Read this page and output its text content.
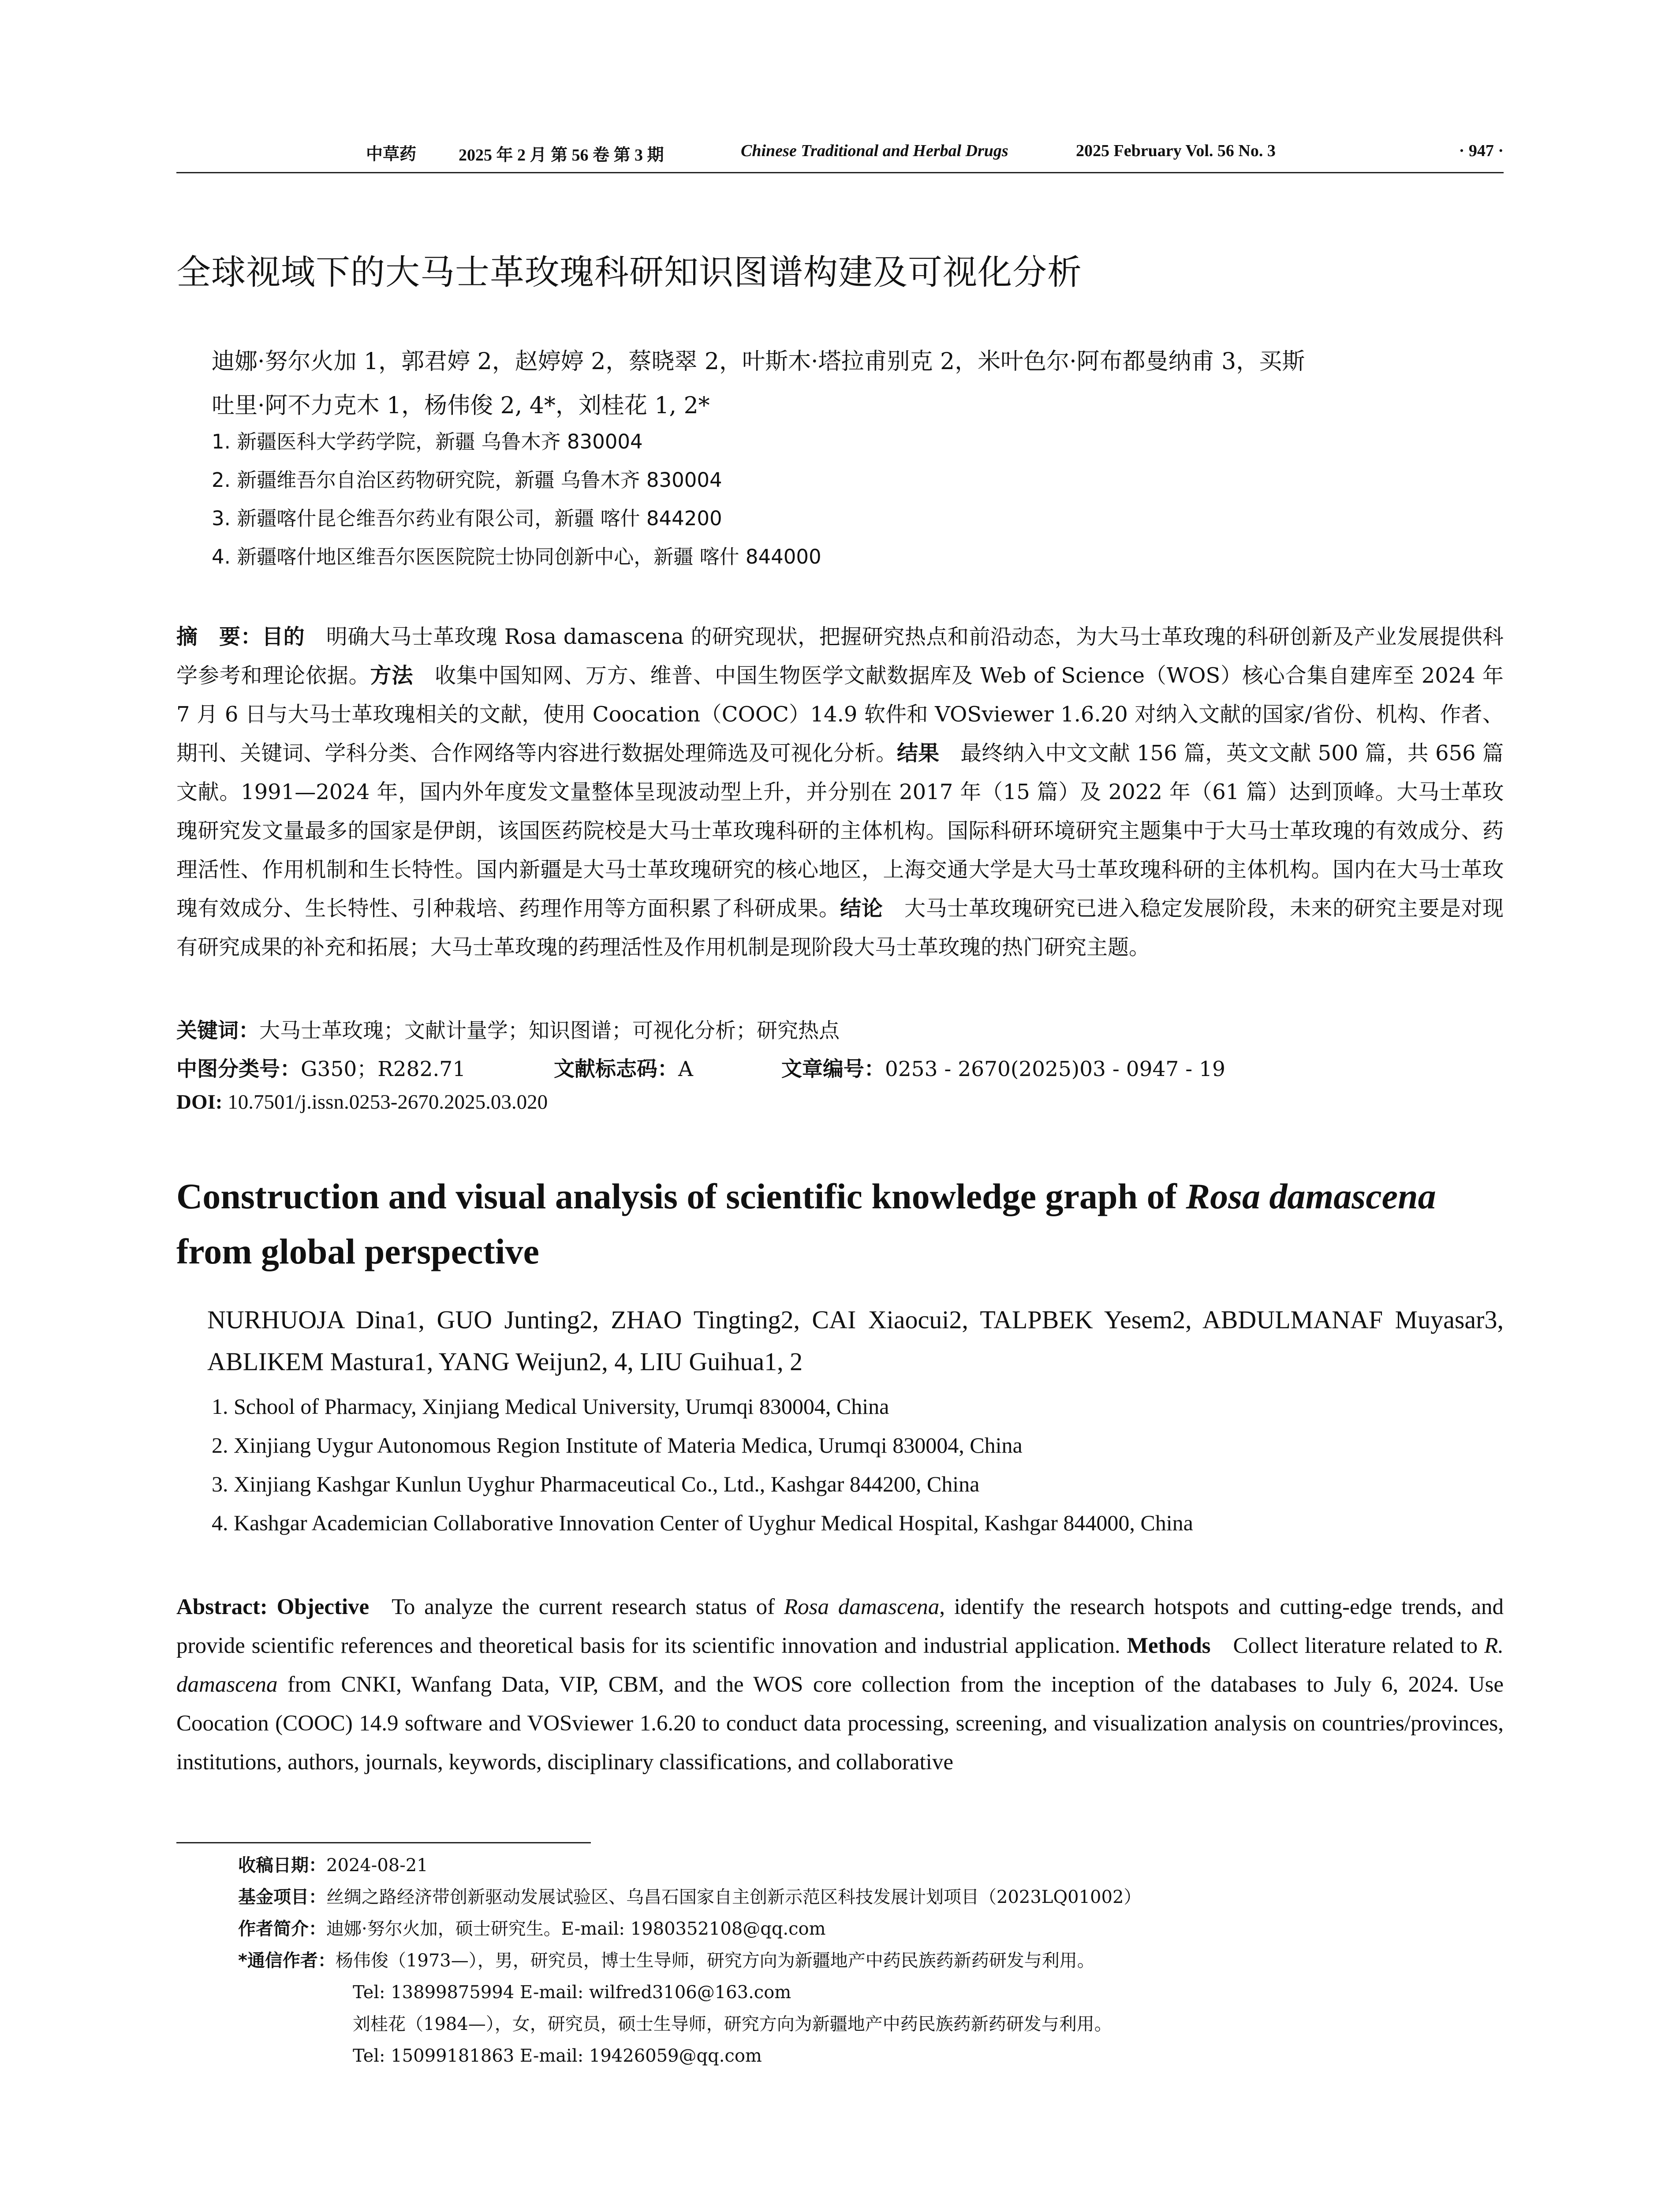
中草药	2025 年 2 月 第 56 卷 第 3 期	Chinese Traditional and Herbal Drugs	2025 February Vol. 56 No. 3	· 947 ·
全球视域下的大马士革玫瑰科研知识图谱构建及可视化分析
迪娜·努尔火加 1，郭君婷 2，赵婷婷 2，蔡晓翠 2，叶斯木·塔拉甫别克 2，米叶色尔·阿布都曼纳甫 3，买斯
吐里·阿不力克木 1，杨伟俊 2, 4*，刘桂花 1, 2*
1. 新疆医科大学药学院，新疆 乌鲁木齐 830004
2. 新疆维吾尔自治区药物研究院，新疆 乌鲁木齐 830004
3. 新疆喀什昆仑维吾尔药业有限公司，新疆 喀什 844200
4. 新疆喀什地区维吾尔医医院院士协同创新中心，新疆 喀什 844000
摘　要：目的  明确大马士革玫瑰 Rosa damascena 的研究现状，把握研究热点和前沿动态，为大马士革玫瑰的科研创新及产业发展提供科学参考和理论依据。方法  收集中国知网、万方、维普、中国生物医学文献数据库及 Web of Science（WOS）核心合集自建库至 2024 年 7 月 6 日与大马士革玫瑰相关的文献，使用 Coocation（COOC）14.9 软件和 VOSviewer 1.6.20 对纳入文献的国家/省份、机构、作者、期刊、关键词、学科分类、合作网络等内容进行数据处理筛选及可视化分析。结果  最终纳入中文文献 156 篇，英文文献 500 篇，共 656 篇文献。1991—2024 年，国内外年度发文量整体呈现波动型上升，并分别在 2017 年（15 篇）及 2022 年（61 篇）达到顶峰。大马士革玫瑰研究发文量最多的国家是伊朗，该国医药院校是大马士革玫瑰科研的主体机构。国际科研环境研究主题集中于大马士革玫瑰的有效成分、药理活性、作用机制和生长特性。国内新疆是大马士革玫瑰研究的核心地区，上海交通大学是大马士革玫瑰科研的主体机构。国内在大马士革玫瑰有效成分、生长特性、引种栽培、药理作用等方面积累了科研成果。结论  大马士革玫瑰研究已进入稳定发展阶段，未来的研究主要是对现有研究成果的补充和拓展；大马士革玫瑰的药理活性及作用机制是现阶段大马士革玫瑰的热门研究主题。
关键词：大马士革玫瑰；文献计量学；知识图谱；可视化分析；研究热点
中图分类号：G350；R282.71	文献标志码：A	文章编号：0253 - 2670(2025)03 - 0947 - 19
DOI: 10.7501/j.issn.0253-2670.2025.03.020
Construction and visual analysis of scientific knowledge graph of Rosa damascena from global perspective
NURHUOJA Dina1, GUO Junting2, ZHAO Tingting2, CAI Xiaocui2, TALPBEK Yesem2, ABDULMANAF Muyasar3, ABLIKEM Mastura1, YANG Weijun2, 4, LIU Guihua1, 2
1. School of Pharmacy, Xinjiang Medical University, Urumqi 830004, China
2. Xinjiang Uygur Autonomous Region Institute of Materia Medica, Urumqi 830004, China
3. Xinjiang Kashgar Kunlun Uyghur Pharmaceutical Co., Ltd., Kashgar 844200, China
4. Kashgar Academician Collaborative Innovation Center of Uyghur Medical Hospital, Kashgar 844000, China
Abstract: Objective  To analyze the current research status of Rosa damascena, identify the research hotspots and cutting-edge trends, and provide scientific references and theoretical basis for its scientific innovation and industrial application. Methods  Collect literature related to R. damascena from CNKI, Wanfang Data, VIP, CBM, and the WOS core collection from the inception of the databases to July 6, 2024. Use Coocation (COOC) 14.9 software and VOSviewer 1.6.20 to conduct data processing, screening, and visualization analysis on countries/provinces, institutions, authors, journals, keywords, disciplinary classifications, and collaborative
收稿日期：2024-08-21
基金项目：丝绸之路经济带创新驱动发展试验区、乌昌石国家自主创新示范区科技发展计划项目（2023LQ01002）
作者简介：迪娜·努尔火加，硕士研究生。E-mail: 1980352108@qq.com
*通信作者：杨伟俊（1973—），男，研究员，博士生导师，研究方向为新疆地产中药民族药新药研发与利用。
Tel: 13899875994 E-mail: wilfred3106@163.com
刘桂花（1984—），女，研究员，硕士生导师，研究方向为新疆地产中药民族药新药研发与利用。
Tel: 15099181863 E-mail: 19426059@qq.com
